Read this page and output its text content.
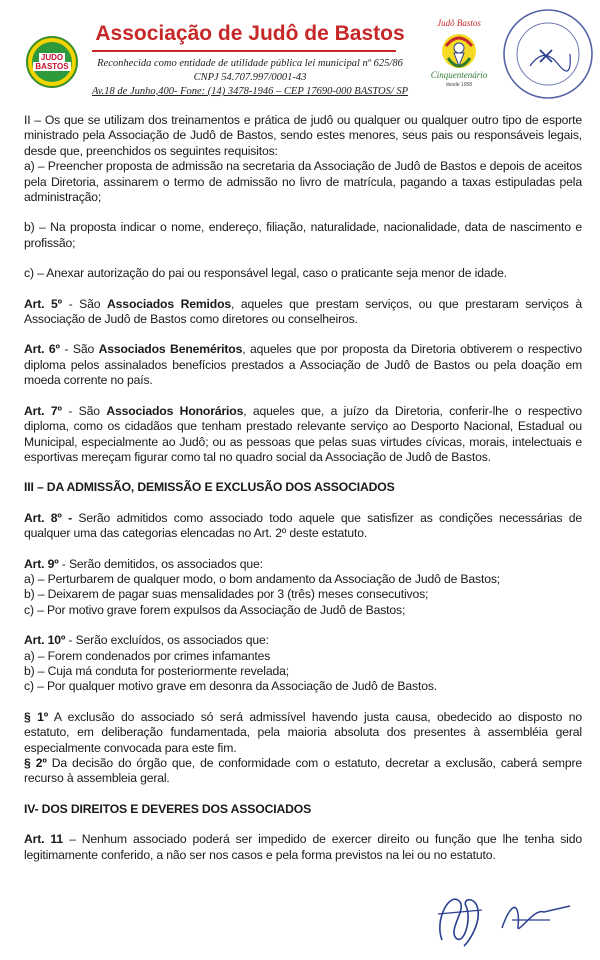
JUDO
BASTOS
Associação de Judô de Bastos
Reconhecida como entidade de utilidade pública lei municipal nº 625/86
CNPJ 54.707.997/0001-43
Av.18 de Junho,400- Fone: (14) 3478-1946 – CEP 17690-000 BASTOS/ SP
Judô Bastos
Cinquentenário
desde 1958

II – Os que se utilizam dos treinamentos e prática de judô ou qualquer ou qualquer outro tipo de esporte ministrado pela Associação de Judô de Bastos, sendo estes menores, seus pais ou responsáveis legais, desde que, preenchidos os seguintes requisitos:

a) – Preencher proposta de admissão na secretaria da Associação de Judô de Bastos e depois de aceitos pela Diretoria, assinarem o termo de admissão no livro de matrícula, pagando a taxas estipuladas pela administração;

b) – Na proposta indicar o nome, endereço, filiação, naturalidade, nacionalidade, data de nascimento e profissão;

c) – Anexar autorização do pai ou responsável legal, caso o praticante seja menor de idade.

Art. 5º - São Associados Remidos, aqueles que prestam serviços, ou que prestaram serviços à Associação de Judô de Bastos como diretores ou conselheiros.

Art. 6º - São Associados Beneméritos, aqueles que por proposta da Diretoria obtiverem o respectivo diploma pelos assinalados benefícios prestados a Associação de Judô de Bastos ou pela doação em moeda corrente no país.

Art. 7º - São Associados Honorários, aqueles que, a juízo da Diretoria, conferir-lhe o respectivo diploma, como os cidadãos que tenham prestado relevante serviço ao Desporto Nacional, Estadual ou Municipal, especialmente ao Judô; ou as pessoas que pelas suas virtudes cívicas, morais, intelectuais e esportivas mereçam figurar como tal no quadro social da Associação de Judô de Bastos.

III – DA ADMISSÃO, DEMISSÃO E EXCLUSÃO DOS ASSOCIADOS

Art. 8º - Serão admitidos como associado todo aquele que satisfizer as condições necessárias de qualquer uma das categorias elencadas no Art. 2º deste estatuto.

Art. 9º - Serão demitidos, os associados que:

a) – Perturbarem de qualquer modo, o bom andamento da Associação de Judô de Bastos;

b) – Deixarem de pagar suas mensalidades por 3 (três) meses consecutivos;

c) – Por motivo grave forem expulsos da Associação de Judô de Bastos;

Art. 10º - Serão excluídos, os associados que:

a) – Forem condenados por crimes infamantes

b) – Cuja má conduta for posteriormente revelada;

c) – Por qualquer motivo grave em desonra da Associação de Judô de Bastos.

§ 1º A exclusão do associado só será admissível havendo justa causa, obedecido ao disposto no estatuto, em deliberação fundamentada, pela maioria absoluta dos presentes à assembléia geral especialmente convocada para este fim.

§ 2º Da decisão do órgão que, de conformidade com o estatuto, decretar a exclusão, caberá sempre recurso à assembleia geral.

IV- DOS DIREITOS E DEVERES DOS ASSOCIADOS

Art. 11 – Nenhum associado poderá ser impedido de exercer direito ou função que lhe tenha sido legitimamente conferido, a não ser nos casos e pela forma previstos na lei ou no estatuto.
